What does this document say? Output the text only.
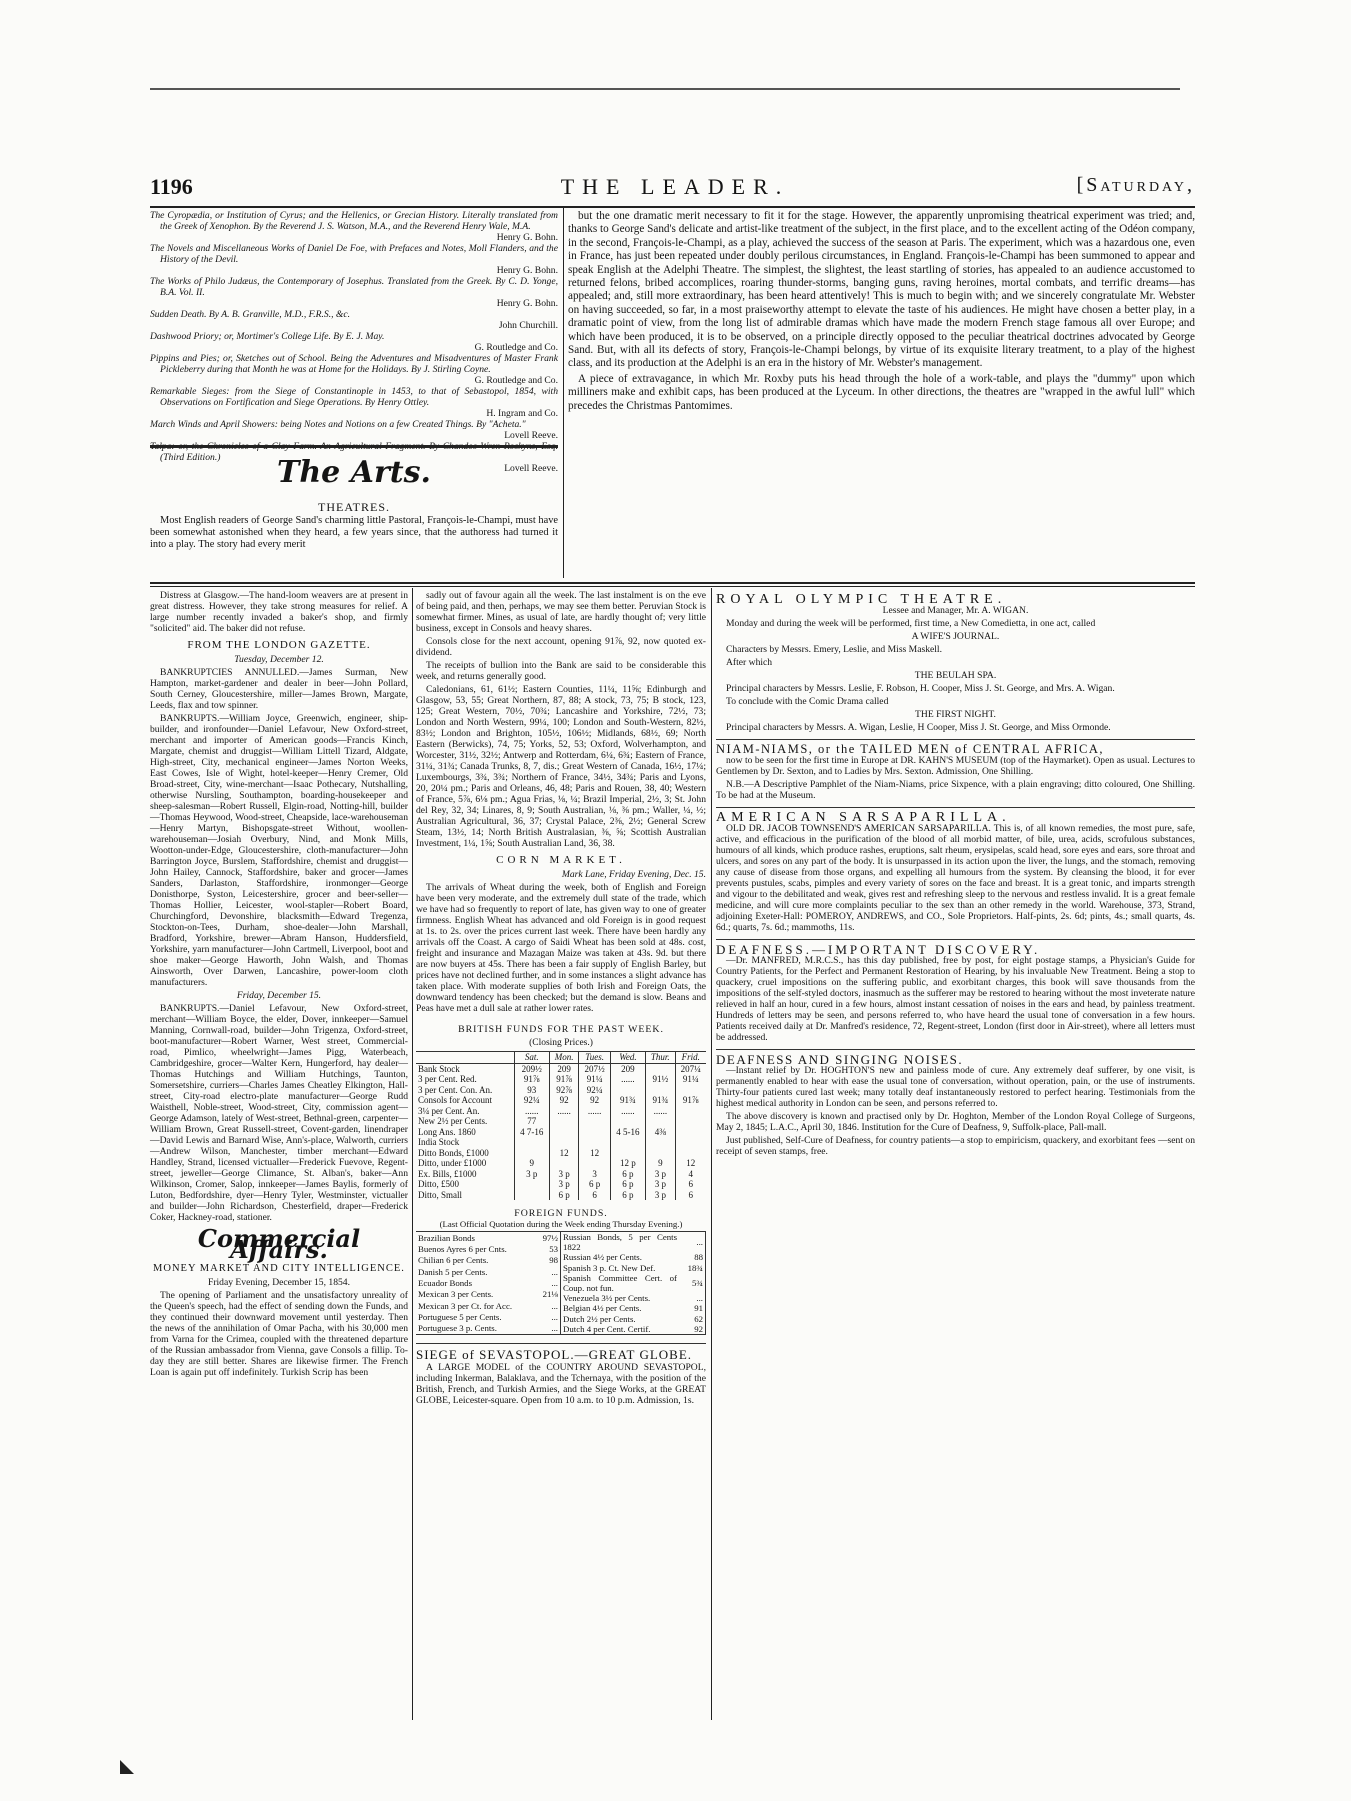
1196	THE LEADER.	[Saturday,

The Cyropædia, or Institution of Cyrus; and the Hellenics, or Grecian History. Literally translated from the Greek of Xenophon. By the Reverend J. S. Watson, M.A., and the Reverend Henry Wale, M.A.
Henry G. Bohn.

The Novels and Miscellaneous Works of Daniel De Foe, with Prefaces and Notes, Moll Flanders, and the History of the Devil.
Henry G. Bohn.

The Works of Philo Judæus, the Contemporary of Josephus. Translated from the Greek. By C. D. Yonge, B.A. Vol. II.
Henry G. Bohn.

Sudden Death. By A. B. Granville, M.D., F.R.S., &c.
John Churchill.

Dashwood Priory; or, Mortimer's College Life. By E. J. May.
G. Routledge and Co.

Pippins and Pies; or, Sketches out of School. Being the Adventures and Misadventures of Master Frank Pickleberry during that Month he was at Home for the Holidays. By J. Stirling Coyne.
G. Routledge and Co.

Remarkable Sieges: from the Siege of Constantinople in 1453, to that of Sebastopol, 1854, with Observations on Fortification and Siege Operations. By Henry Ottley.
H. Ingram and Co.

March Winds and April Showers: being Notes and Notions on a few Created Things. By "Acheta."
Lovell Reeve.

(Third Edition.)
Lovell Reeve.

The Arts.
THEATRES.

Most English readers of George Sand's charming little Pastoral, François-le-Champi, must have been somewhat astonished when they heard, a few years since, that the authoress had turned it into a play. The story had every merit

but the one dramatic merit necessary to fit it for the stage. However, the apparently unpromising theatrical experiment was tried; and, thanks to George Sand's delicate and artist-like treatment of the subject, in the first place, and to the excellent acting of the Odéon company, in the second, François-le-Champi, as a play, achieved the success of the season at Paris. The experiment, which was a hazardous one, even in France, has just been repeated under doubly perilous circumstances, in England. François-le-Champi has been summoned to appear and speak English at the Adelphi Theatre. The simplest, the slightest, the least startling of stories, has appealed to an audience accustomed to returned felons, bribed accomplices, roaring thunder-storms, banging guns, raving heroines, mortal combats, and terrific dreams—has appealed; and, still more extraordinary, has been heard attentively! This is much to begin with; and we sincerely congratulate Mr. Webster on having succeeded, so far, in a most praiseworthy attempt to elevate the taste of his audiences. He might have chosen a better play, in a dramatic point of view, from the long list of admirable dramas which have made the modern French stage famous all over Europe; and which have been produced, it is to be observed, on a principle directly opposed to the peculiar theatrical doctrines advocated by George Sand. But, with all its defects of story, François-le-Champi belongs, by virtue of its exquisite literary treatment, to a play of the highest class, and its production at the Adelphi is an era in the history of Mr. Webster's management.

A piece of extravagance, in which Mr. Roxby puts his head through the hole of a work-table, and plays the "dummy" upon which milliners make and exhibit caps, has been produced at the Lyceum. In other directions, the theatres are "wrapped in the awful lull" which precedes the Christmas Pantomimes.

Distress at Glasgow.—The hand-loom weavers are at present in great distress. However, they take strong measures for relief. A large number recently invaded a baker's shop, and firmly "solicited" aid. The baker did not refuse.

FROM THE LONDON GAZETTE.

Tuesday, December 12.

BANKRUPTCIES ANNULLED.—James Surman, New Hampton, market-gardener and dealer in beer—John Pollard, South Cerney, Gloucestershire, miller—James Brown, Margate, Leeds, flax and tow spinner.

BANKRUPTS.—William Joyce, Greenwich, engineer, ship-builder, and ironfounder—Daniel Lefavour, New Oxford-street, merchant and importer of American goods—Francis Kinch, Margate, chemist and druggist—William Littell Tizard, Aldgate, High-street, City, mechanical engineer—James Norton Weeks, East Cowes, Isle of Wight, hotel-keeper—Henry Cremer, Old Broad-street, City, wine-merchant—Isaac Pothecary, Nutshalling, otherwise Nursling, Southampton, boarding-housekeeper and sheep-salesman—Robert Russell, Elgin-road, Notting-hill, builder—Thomas Heywood, Wood-street, Cheapside, lace-warehouseman—Henry Martyn, Bishopsgate-street Without, woollen-warehouseman—Josiah Overbury, Nind, and Monk Mills, Wootton-under-Edge, Gloucestershire, cloth-manufacturer—John Barrington Joyce, Burslem, Staffordshire, chemist and druggist—John Hailey, Cannock, Staffordshire, baker and grocer—James Sanders, Darlaston, Staffordshire, ironmonger—George Donisthorpe, Syston, Leicestershire, grocer and beer-seller—Thomas Hollier, Leicester, wool-stapler—Robert Board, Churchingford, Devonshire, blacksmith—Edward Tregenza, Stockton-on-Tees, Durham, shoe-dealer—John Marshall, Bradford, Yorkshire, brewer—Abram Hanson, Huddersfield, Yorkshire, yarn manufacturer—John Cartmell, Liverpool, boot and shoe maker—George Haworth, John Walsh, and Thomas Ainsworth, Over Darwen, Lancashire, power-loom cloth manufacturers.

Friday, December 15.

BANKRUPTS.—Daniel Lefavour, New Oxford-street, merchant—William Boyce, the elder, Dover, innkeeper—Samuel Manning, Cornwall-road, builder—John Trigenza, Oxford-street, boot-manufacturer—Robert Warner, West street, Commercial-road, Pimlico, wheelwright—James Pigg, Waterbeach, Cambridgeshire, grocer—Walter Kern, Hungerford, hay dealer—Thomas Hutchings and William Hutchings, Taunton, Somersetshire, curriers—Charles James Cheatley Elkington, Hall-street, City-road electro-plate manufacturer—George Rudd Waisthell, Noble-street, Wood-street, City, commission agent—George Adamson, lately of West-street, Bethnal-green, carpenter—William Brown, Great Russell-street, Covent-garden, linendraper—David Lewis and Barnard Wise, Ann's-place, Walworth, curriers—Andrew Wilson, Manchester, timber merchant—Edward Handley, Strand, licensed victualler—Frederick Fuevove, Regent-street, jeweller—George Climance, St. Alban's, baker—Ann Wilkinson, Cromer, Salop, innkeeper—James Baylis, formerly of Luton, Bedfordshire, dyer—Henry Tyler, Westminster, victualler and builder—John Richardson, Chesterfield, draper—Frederick Coker, Hackney-road, stationer.

Commercial Affairs.
MONEY MARKET AND CITY INTELLIGENCE.

Friday Evening, December 15, 1854.

The opening of Parliament and the unsatisfactory unreality of the Queen's speech, had the effect of sending down the Funds, and they continued their downward movement until yesterday. Then the news of the annihilation of Omar Pacha, with his 30,000 men from Varna for the Crimea, coupled with the threatened departure of the Russian ambassador from Vienna, gave Consols a fillip. To-day they are still better. Shares are likewise firmer. The French Loan is again put off indefinitely. Turkish Scrip has been

sadly out of favour again all the week. The last instalment is on the eve of being paid, and then, perhaps, we may see them better. Peruvian Stock is somewhat firmer. Mines, as usual of late, are hardly thought of; very little business, except in Consols and heavy shares.

Consols close for the next account, opening 91⅞, 92, now quoted ex-dividend.

The receipts of bullion into the Bank are said to be considerable this week, and returns generally good.

Caledonians, 61, 61½; Eastern Counties, 11¼, 11⅝; Edinburgh and Glasgow, 53, 55; Great Northern, 87, 88; A stock, 73, 75; B stock, 123, 125; Great Western, 70½, 70¾; Lancashire and Yorkshire, 72½, 73; London and North Western, 99¼, 100; London and South-Western, 82½, 83½; London and Brighton, 105½, 106½; Midlands, 68½, 69; North Eastern (Berwicks), 74, 75; Yorks, 52, 53; Oxford, Wolverhampton, and Worcester, 31½, 32½; Antwerp and Rotterdam, 6¼, 6¾; Eastern of France, 31¼, 31¾; Canada Trunks, 8, 7, dis.; Great Western of Canada, 16½, 17¼; Luxembourgs, 3¾, 3¾; Northern of France, 34½, 34¾; Paris and Lyons, 20, 20¼ pm.; Paris and Orleans, 46, 48; Paris and Rouen, 38, 40; Western of France, 5⅞, 6⅛ pm.; Agua Frias, ⅛, ¼; Brazil Imperial, 2½, 3; St. John del Rey, 32, 34; Linares, 8, 9; South Australian, ⅛, ⅜ pm.; Waller, ¼, ½; Australian Agricultural, 36, 37; Crystal Palace, 2⅜, 2½; General Screw Steam, 13½, 14; North British Australasian, ⅜, ⅝; Scottish Australian Investment, 1¼, 1⅝; South Australian Land, 36, 38.

CORN MARKET.

Mark Lane, Friday Evening, Dec. 15.

The arrivals of Wheat during the week, both of English and Foreign have been very moderate, and the extremely dull state of the trade, which we have had so frequently to report of late, has given way to one of greater firmness. English Wheat has advanced and old Foreign is in good request at 1s. to 2s. over the prices current last week. There have been hardly any arrivals off the Coast. A cargo of Saidi Wheat has been sold at 48s. cost, freight and insurance and Mazagan Maize was taken at 43s. 9d. but there are now buyers at 45s. There has been a fair supply of English Barley, but prices have not declined further, and in some instances a slight advance has taken place. With moderate supplies of both Irish and Foreign Oats, the downward tendency has been checked; but the demand is slow. Beans and Peas have met a dull sale at rather lower rates.

BRITISH FUNDS FOR THE PAST WEEK.
(Closing Prices.)
	Sat.	Mon.	Tues.	Wed.	Thur.	Frid.
Bank Stock	209½	209	207½	209		207¼
3 per Cent. Red.	91⅞	91⅞	91¼	......	91½	91¼
3 per Cent. Con. An.	93	92⅞	92¼			
Consols for Account	92¼	92	92	91¾	91¾	91⅞
3¼ per Cent. An.	......	......	......	......	......	
New 2½ per Cents.	77					
Long Ans. 1860	4 7-16			4 5-16	4⅜	
India Stock						
Ditto Bonds, £1000		12	12			
Ditto, under £1000	9			12 p	9	12
Ex. Bills, £1000	3 p	3 p	3	6 p	3 p	4
Ditto, £500		3 p	6 p	6 p	3 p	6
Ditto, Small		6 p	6	6 p	3 p	6
FOREIGN FUNDS.
(Last Official Quotation during the Week ending Thursday Evening.)
Brazilian Bonds	97½
Buenos Ayres 6 per Cnts.	53
Chilian 6 per Cents.	98
Danish 5 per Cents.	...
Ecuador Bonds	...
Mexican 3 per Cents.	21⅛
Mexican 3 per Ct. for Acc.	...
Portuguese 5 per Cents.	...
Portuguese 3 p. Cents.	...
Russian Bonds, 5 per Cents 1822	...
Russian 4½ per Cents.	88
Spanish 3 p. Ct. New Def.	18¾
Spanish Committee Cert. of Coup. not fun.	5¾
Venezuela 3½ per Cents.	...
Belgian 4½ per Cents.	91
Dutch 2½ per Cents.	62
Dutch 4 per Cent. Certif.	92
SIEGE of SEVASTOPOL.—GREAT GLOBE.

A LARGE MODEL of the COUNTRY AROUND SEVASTOPOL, including Inkerman, Balaklava, and the Tchernaya, with the position of the British, French, and Turkish Armies, and the Siege Works, at the GREAT GLOBE, Leicester-square. Open from 10 a.m. to 10 p.m. Admission, 1s.

ROYAL OLYMPIC THEATRE.

Lessee and Manager, Mr. A. WIGAN.

Monday and during the week will be performed, first time, a New Comedietta, in one act, called

A WIFE'S JOURNAL.

Characters by Messrs. Emery, Leslie, and Miss Maskell.

After which

THE BEULAH SPA.

Principal characters by Messrs. Leslie, F. Robson, H. Cooper, Miss J. St. George, and Mrs. A. Wigan.

To conclude with the Comic Drama called

THE FIRST NIGHT.

Principal characters by Messrs. A. Wigan, Leslie, H Cooper, Miss J. St. George, and Miss Ormonde.

NIAM-NIAMS, or the TAILED MEN of CENTRAL AFRICA,

now to be seen for the first time in Europe at DR. KAHN'S MUSEUM (top of the Haymarket). Open as usual. Lectures to Gentlemen by Dr. Sexton, and to Ladies by Mrs. Sexton. Admission, One Shilling.

N.B.—A Descriptive Pamphlet of the Niam-Niams, price Sixpence, with a plain engraving; ditto coloured, One Shilling. To be had at the Museum.

AMERICAN SARSAPARILLA.

OLD DR. JACOB TOWNSEND'S AMERICAN SARSAPARILLA. This is, of all known remedies, the most pure, safe, active, and efficacious in the purification of the blood of all morbid matter, of bile, urea, acids, scrofulous substances, humours of all kinds, which produce rashes, eruptions, salt rheum, erysipelas, scald head, sore eyes and ears, sore throat and ulcers, and sores on any part of the body. It is unsurpassed in its action upon the liver, the lungs, and the stomach, removing any cause of disease from those organs, and expelling all humours from the system. By cleansing the blood, it for ever prevents pustules, scabs, pimples and every variety of sores on the face and breast. It is a great tonic, and imparts strength and vigour to the debilitated and weak, gives rest and refreshing sleep to the nervous and restless invalid. It is a great female medicine, and will cure more complaints peculiar to the sex than an other remedy in the world. Warehouse, 373, Strand, adjoining Exeter-Hall: POMEROY, ANDREWS, and CO., Sole Proprietors. Half-pints, 2s. 6d; pints, 4s.; small quarts, 4s. 6d.; quarts, 7s. 6d.; mammoths, 11s.

DEAFNESS.—IMPORTANT DISCOVERY.

—Dr. MANFRED, M.R.C.S., has this day published, free by post, for eight postage stamps, a Physician's Guide for Country Patients, for the Perfect and Permanent Restoration of Hearing, by his invaluable New Treatment. Being a stop to quackery, cruel impositions on the suffering public, and exorbitant charges, this book will save thousands from the impositions of the self-styled doctors, inasmuch as the sufferer may be restored to hearing without the most inveterate nature relieved in half an hour, cured in a few hours, almost instant cessation of noises in the ears and head, by painless treatment. Hundreds of letters may be seen, and persons referred to, who have heard the usual tone of conversation in a few hours. Patients received daily at Dr. Manfred's residence, 72, Regent-street, London (first door in Air-street), where all letters must be addressed.

DEAFNESS AND SINGING NOISES.

—Instant relief by Dr. HOGHTON'S new and painless mode of cure. Any extremely deaf sufferer, by one visit, is permanently enabled to hear with ease the usual tone of conversation, without operation, pain, or the use of instruments. Thirty-four patients cured last week; many totally deaf instantaneously restored to perfect hearing. Testimonials from the highest medical authority in London can be seen, and persons referred to.

The above discovery is known and practised only by Dr. Hoghton, Member of the London Royal College of Surgeons, May 2, 1845; L.A.C., April 30, 1846. Institution for the Cure of Deafness, 9, Suffolk-place, Pall-mall.

Just published, Self-Cure of Deafness, for country patients—a stop to empiricism, quackery, and exorbitant fees —sent on receipt of seven stamps, free.
